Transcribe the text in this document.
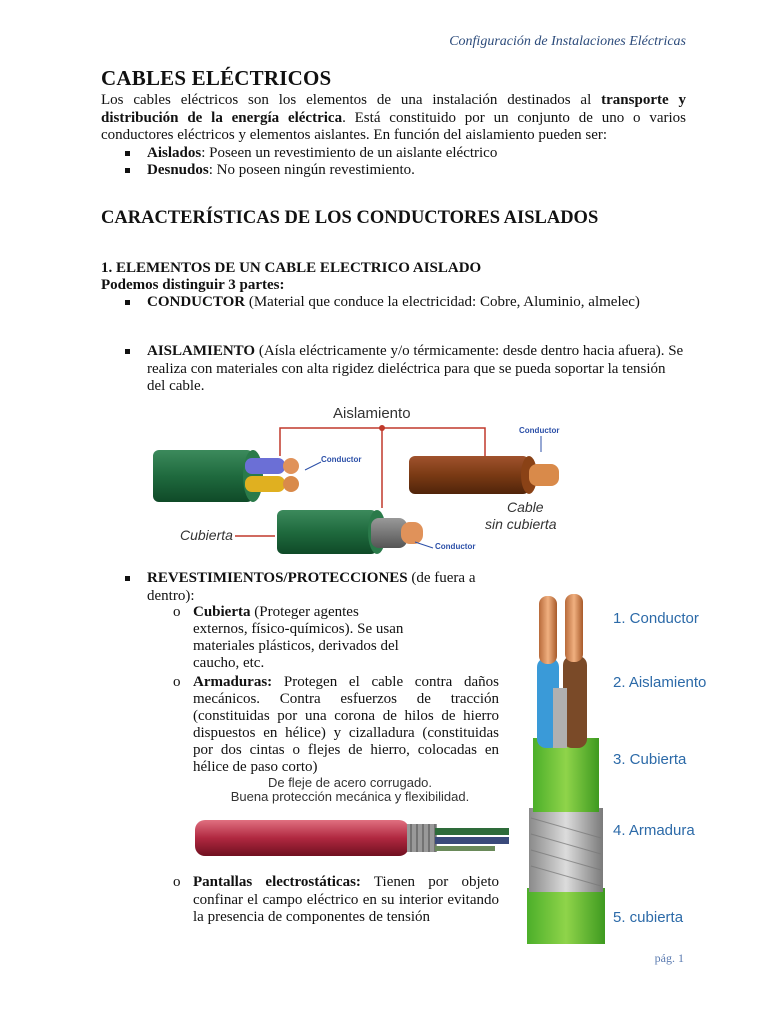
Configuración de Instalaciones Eléctricas
CABLES ELÉCTRICOS

Los cables eléctricos son los elementos de una instalación destinados al transporte y distribución de la energía eléctrica. Está constituido por un conjunto de uno o varios conductores eléctricos y elementos aislantes. En función del aislamiento pueden ser:

Aislados: Poseen un revestimiento de un aislante eléctrico
Desnudos: No poseen ningún revestimiento.
CARACTERÍSTICAS DE LOS CONDUCTORES AISLADOS
1. ELEMENTOS DE UN CABLE ELECTRICO AISLADO
Podemos distinguir 3 partes:
CONDUCTOR (Material que conduce la electricidad: Cobre, Aluminio, almelec)
AISLAMIENTO (Aísla eléctricamente y/o térmicamente: desde dentro hacia afuera). Se realiza con materiales con alta rigidez dieléctrica para que se pueda soportar la tensión del cable.
Aislamiento
Conductor
Conductor
Cable
sin cubierta
Cubierta
Conductor
REVESTIMIENTOS/PROTECCIONES (de fuera a dentro):
o Cubierta (Proteger agentes externos, físico-químicos). Se usan materiales plásticos, derivados del caucho, etc.
o Armaduras: Protegen el cable contra daños mecánicos. Contra esfuerzos de tracción (constituidas por una corona de hilos de hierro dispuestos en hélice) y cizalladura (constituidas por dos cintas o flejes de hierro, colocadas en hélice de paso corto)
De fleje de acero corrugado.
Buena protección mecánica y flexibilidad.
o Pantallas electrostáticas: Tienen por objeto confinar el campo eléctrico en su interior evitando la presencia de componentes de tensión
1. Conductor
2. Aislamiento
3. Cubierta
4. Armadura
5. cubierta
pág. 1
